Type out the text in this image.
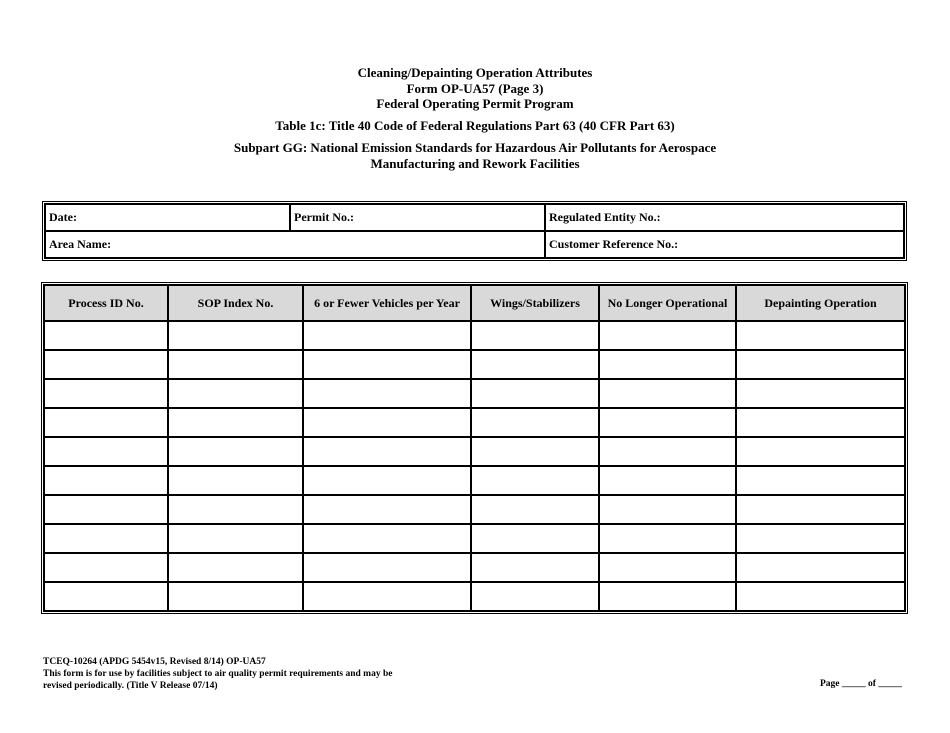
Cleaning/Depainting Operation Attributes
Form OP-UA57 (Page 3)
Federal Operating Permit Program
Table 1c: Title 40 Code of Federal Regulations Part 63 (40 CFR Part 63)
Subpart GG: National Emission Standards for Hazardous Air Pollutants for Aerospace
Manufacturing and Rework Facilities
Date:	Permit No.:	Regulated Entity No.:
Area Name:		Customer Reference No.:
Process ID No.	SOP Index No.	6 or Fewer Vehicles per Year	Wings/Stabilizers	No Longer Operational	Depainting Operation

TCEQ-10264 (APDG 5454v15, Revised 8/14) OP-UA57
This form is for use by facilities subject to air quality permit requirements and may be
revised periodically. (Title V Release 07/14)	Page _____ of _____
